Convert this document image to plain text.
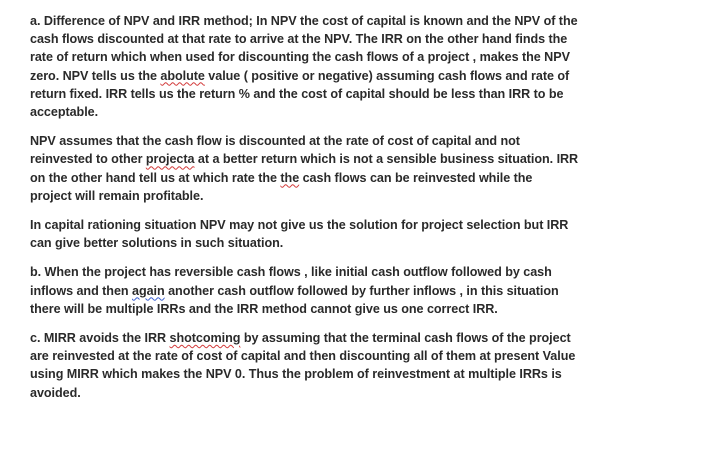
a. Difference of NPV and IRR method; In NPV the cost of capital is known and the NPV of the
cash flows discounted at that rate to arrive at the NPV. The IRR on the other hand finds the
rate of return which when used for discounting the cash flows of a project , makes the NPV
zero. NPV tells us the abolute value ( positive or negative) assuming cash flows and rate of
return fixed. IRR tells us the return % and the cost of capital should be less than IRR to be
acceptable.

NPV assumes that the cash flow is discounted at the rate of cost of capital and not
reinvested to other projecta at a better return which is not a sensible business situation. IRR
on the other hand tell us at which rate the the cash flows can be reinvested while the
project will remain profitable.

In capital rationing situation NPV may not give us the solution for project selection but IRR
can give better solutions in such situation.

b. When the project has reversible cash flows , like initial cash outflow followed by cash
inflows and then again another cash outflow followed by further inflows , in this situation
there will be multiple IRRs and the IRR method cannot give us one correct IRR.

c. MIRR avoids the IRR shotcoming by assuming that the terminal cash flows of the project
are reinvested at the rate of cost of capital and then discounting all of them at present Value
using MIRR which makes the NPV 0. Thus the problem of reinvestment at multiple IRRs is
avoided.
